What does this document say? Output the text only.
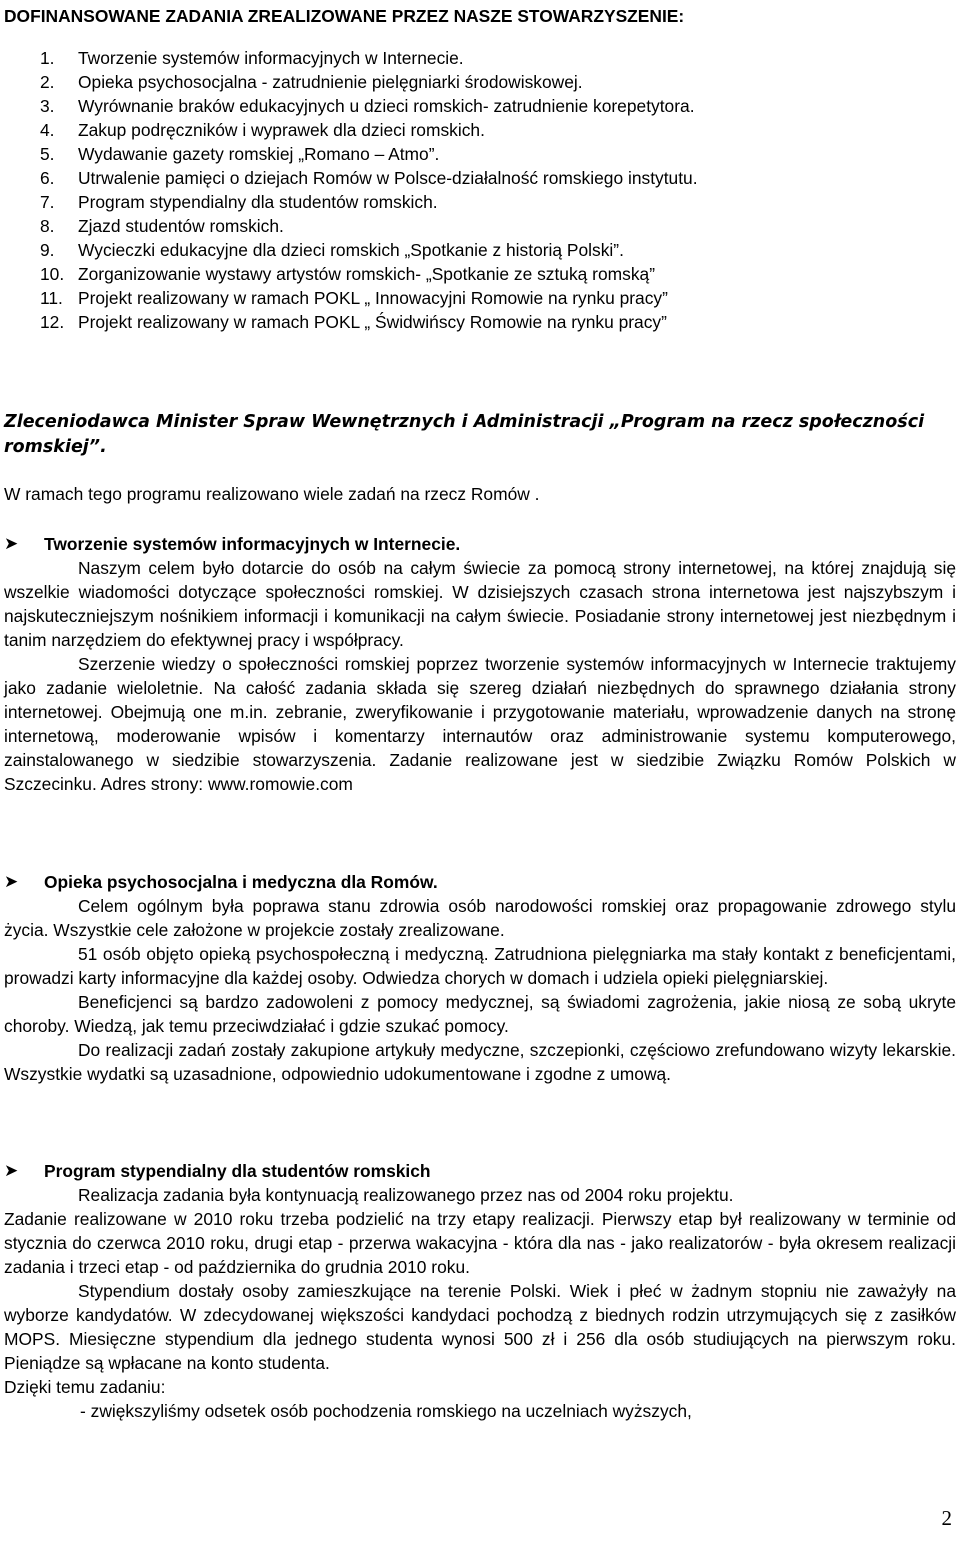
DOFINANSOWANE ZADANIA ZREALIZOWANE PRZEZ NASZE STOWARZYSZENIE:
1.	Tworzenie systemów informacyjnych w Internecie.
2.	Opieka psychosocjalna - zatrudnienie pielęgniarki środowiskowej.
3.	Wyrównanie braków edukacyjnych u dzieci romskich- zatrudnienie korepetytora.
4.	Zakup podręczników i wyprawek dla dzieci romskich.
5.	Wydawanie gazety romskiej „Romano – Atmo”.
6.	Utrwalenie pamięci o dziejach Romów w Polsce-działalność romskiego instytutu.
7.	Program stypendialny dla studentów romskich.
8.	Zjazd studentów romskich.
9.	Wycieczki edukacyjne dla dzieci romskich „Spotkanie z historią Polski”.
10. Zorganizowanie wystawy artystów romskich- „Spotkanie ze sztuką romską”
11. Projekt realizowany w ramach POKL „ Innowacyjni Romowie na rynku pracy”
12. Projekt realizowany w ramach POKL „ Świdwińscy Romowie na rynku pracy”

Zleceniodawca Minister Spraw Wewnętrznych i Administracji „Program na rzecz społeczności romskiej”.

W ramach tego programu realizowano wiele zadań na rzecz Romów .

➤	Tworzenie systemów informacyjnych w Internecie.

Naszym celem było dotarcie do osób na całym świecie za pomocą strony internetowej, na której znajdują się wszelkie wiadomości dotyczące społeczności romskiej. W dzisiejszych czasach strona internetowa jest najszybszym i najskuteczniejszym nośnikiem informacji i komunikacji na całym świecie. Posiadanie strony internetowej jest niezbędnym i tanim narzędziem do efektywnej pracy i współpracy.

Szerzenie wiedzy o społeczności romskiej poprzez tworzenie systemów informacyjnych w Internecie traktujemy jako zadanie wieloletnie. Na całość zadania składa się szereg działań niezbędnych do sprawnego działania strony internetowej. Obejmują one m.in. zebranie, zweryfikowanie i przygotowanie materiału, wprowadzenie danych na stronę internetową, moderowanie wpisów i komentarzy internautów oraz administrowanie systemu komputerowego, zainstalowanego w siedzibie stowarzyszenia. Zadanie realizowane jest w siedzibie Związku Romów Polskich w Szczecinku. Adres strony: www.romowie.com

➤	Opieka psychosocjalna i medyczna dla Romów.

Celem ogólnym była poprawa stanu zdrowia osób narodowości romskiej oraz propagowanie zdrowego stylu życia. Wszystkie cele założone w projekcie zostały zrealizowane.

51 osób objęto opieką psychospołeczną i medyczną. Zatrudniona pielęgniarka ma stały kontakt z beneficjentami, prowadzi karty informacyjne dla każdej osoby. Odwiedza chorych w domach i udziela opieki pielęgniarskiej.

Beneficjenci są bardzo zadowoleni z pomocy medycznej, są świadomi zagrożenia, jakie niosą ze sobą ukryte choroby. Wiedzą, jak temu przeciwdziałać i gdzie szukać pomocy.

Do realizacji zadań zostały zakupione artykuły medyczne, szczepionki, częściowo zrefundowano wizyty lekarskie. Wszystkie wydatki są uzasadnione, odpowiednio udokumentowane i zgodne z umową.

➤	Program stypendialny dla studentów romskich

Realizacja zadania była kontynuacją realizowanego przez nas od 2004 roku projektu.

Zadanie realizowane w 2010 roku trzeba podzielić na trzy etapy realizacji. Pierwszy etap był realizowany w terminie od stycznia do czerwca 2010 roku, drugi etap - przerwa wakacyjna - która dla nas - jako realizatorów - była okresem realizacji zadania i trzeci etap - od października do grudnia 2010 roku.

Stypendium dostały osoby zamieszkujące na terenie Polski. Wiek i płeć w żadnym stopniu nie zaważyły na wyborze kandydatów. W zdecydowanej większości kandydaci pochodzą z biednych rodzin utrzymujących się z zasiłków MOPS. Miesięczne stypendium dla jednego studenta wynosi 500 zł i 256 dla osób studiujących na pierwszym roku. Pieniądze są wpłacane na konto studenta.

Dzięki temu zadaniu:

- zwiększyliśmy odsetek osób pochodzenia romskiego na uczelniach wyższych,

2
